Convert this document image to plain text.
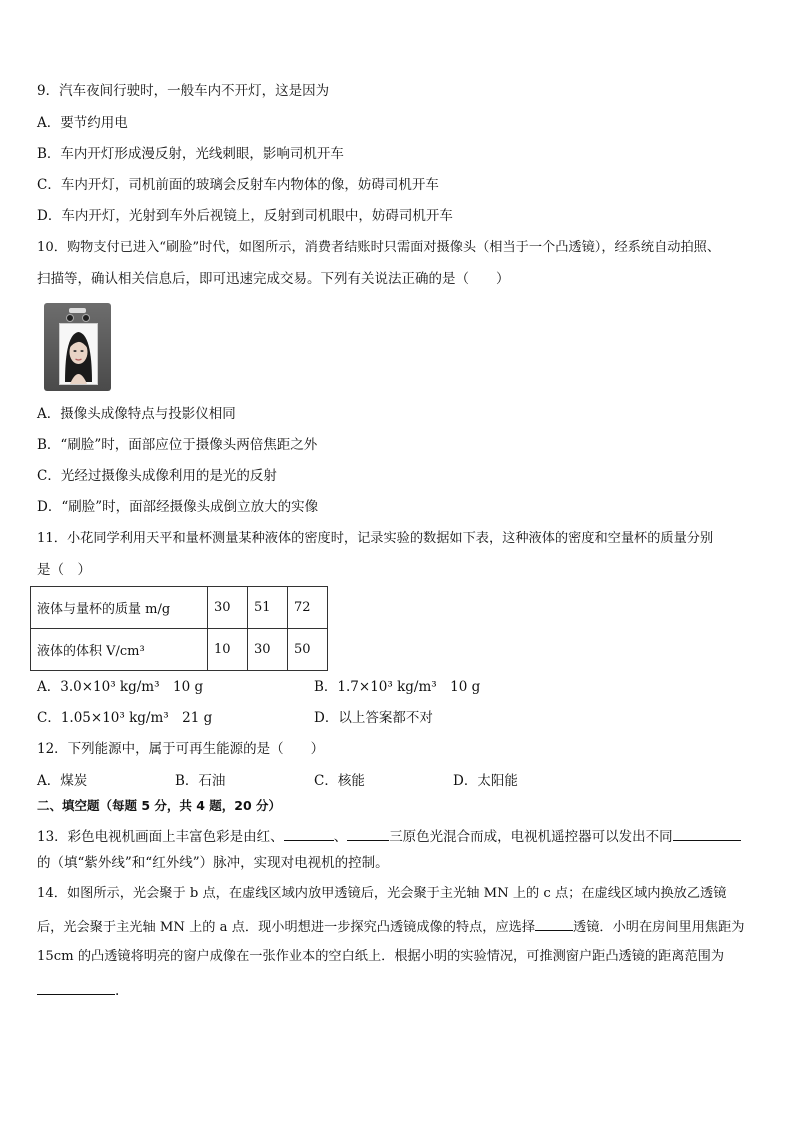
9．汽车夜间行驶时，一般车内不开灯，这是因为
A．要节约用电
B．车内开灯形成漫反射，光线刺眼，影响司机开车
C．车内开灯，司机前面的玻璃会反射车内物体的像，妨碍司机开车
D．车内开灯，光射到车外后视镜上，反射到司机眼中，妨碍司机开车
10．购物支付已进入“刷脸”时代，如图所示，消费者结账时只需面对摄像头（相当于一个凸透镜），经系统自动拍照、
扫描等，确认相关信息后，即可迅速完成交易。下列有关说法正确的是（　　）
A．摄像头成像特点与投影仪相同
B．“刷脸”时，面部应位于摄像头两倍焦距之外
C．光经过摄像头成像利用的是光的反射
D．“刷脸”时，面部经摄像头成倒立放大的实像
11．小花同学利用天平和量杯测量某种液体的密度时，记录实验的数据如下表，这种液体的密度和空量杯的质量分别
是（　）
液体与量杯的质量 m/g	30	51	72
液体的体积 V/cm³	10	30	50
A．3.0×10³ kg/m³　10 g	B．1.7×10³ kg/m³　10 g
C．1.05×10³ kg/m³　21 g	D．以上答案都不对
12．下列能源中，属于可再生能源的是（　　）
A．煤炭	B．石油	C．核能	D．太阳能
二、填空题（每题 5 分，共 4 题，20 分）
13．彩色电视机画面上丰富色彩是由红、	、	三原色光混合而成，电视机遥控器可以发出不同
的（填“紫外线”和“红外线”）脉冲，实现对电视机的控制。
14．如图所示，光会聚于 b 点，在虚线区域内放甲透镜后，光会聚于主光轴 MN 上的 c 点；在虚线区域内换放乙透镜
后，光会聚于主光轴 MN 上的 a 点．现小明想进一步探究凸透镜成像的特点，应选择	透镜．小明在房间里用焦距为
15cm 的凸透镜将明亮的窗户成像在一张作业本的空白纸上．根据小明的实验情况，可推测窗户距凸透镜的距离范围为
.
